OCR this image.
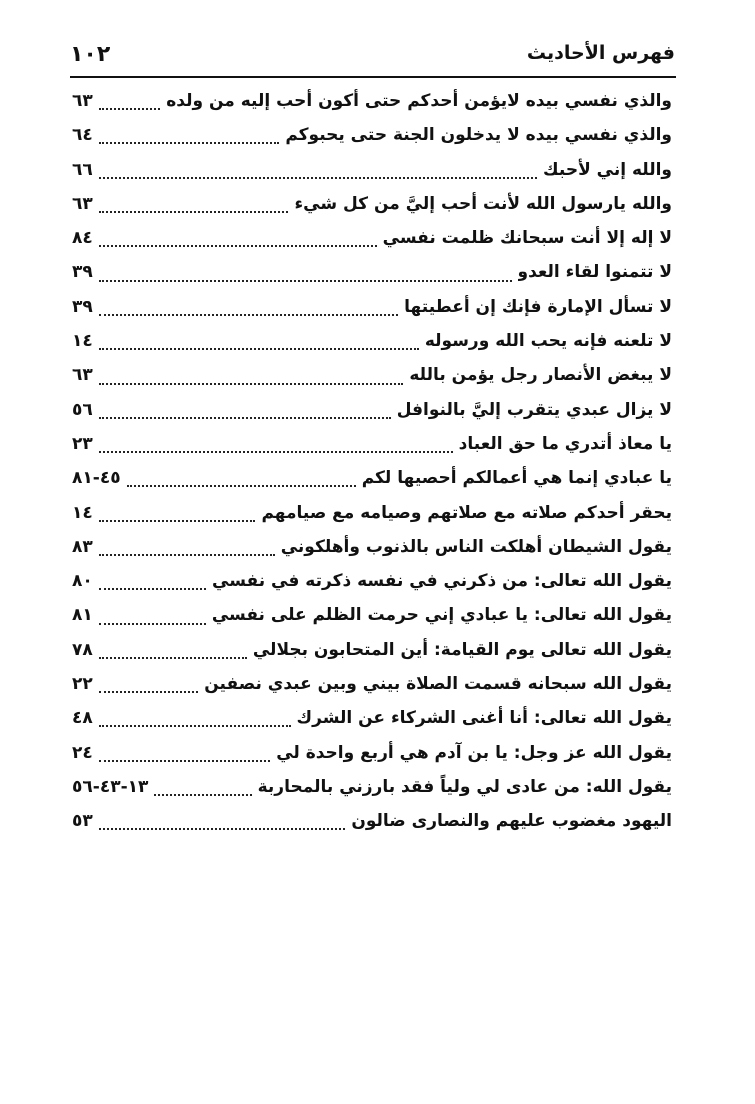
١٠٢	فهرس الأحاديث
والذي نفسي بيده لايؤمن أحدكم حتى أكون أحب إليه من ولده
٦٣
والذي نفسي بيده لا يدخلون الجنة حتى يحبوكم
٦٤
والله إني لأحبك
٦٦
والله يارسول الله لأنت أحب إليَّ من كل شيء
٦٣
لا إله إلا أنت سبحانك ظلمت نفسي
٨٤
لا تتمنوا لقاء العدو
٣٩
لا تسأل الإمارة فإنك إن أعطيتها
٣٩
لا تلعنه فإنه يحب الله ورسوله
١٤
لا يبغض الأنصار رجل يؤمن بالله
٦٣
لا يزال عبدي يتقرب إليَّ بالنوافل
٥٦
يا معاذ أتدري ما حق العباد
٢٣
يا عبادي إنما هي أعمالكم أحصيها لكم
٤٥-٨١
يحقر أحدكم صلاته مع صلاتهم وصيامه مع صيامهم
١٤
يقول الشيطان أهلكت الناس بالذنوب وأهلكوني
٨٣
يقول الله تعالى: من ذكرني في نفسه ذكرته في نفسي
٨٠
يقول الله تعالى: يا عبادي إني حرمت الظلم على نفسي
٨١
يقول الله تعالى يوم القيامة: أين المتحابون بجلالي
٧٨
يقول الله سبحانه قسمت الصلاة بيني وبين عبدي نصفين
٢٢
يقول الله تعالى: أنا أغنى الشركاء عن الشرك
٤٨
يقول الله عز وجل: يا بن آدم هي أربع واحدة لي
٢٤
يقول الله: من عادى لي ولياً فقد بارزني بالمحاربة
١٣-٤٣-٥٦
اليهود مغضوب عليهم والنصارى ضالون
٥٣
